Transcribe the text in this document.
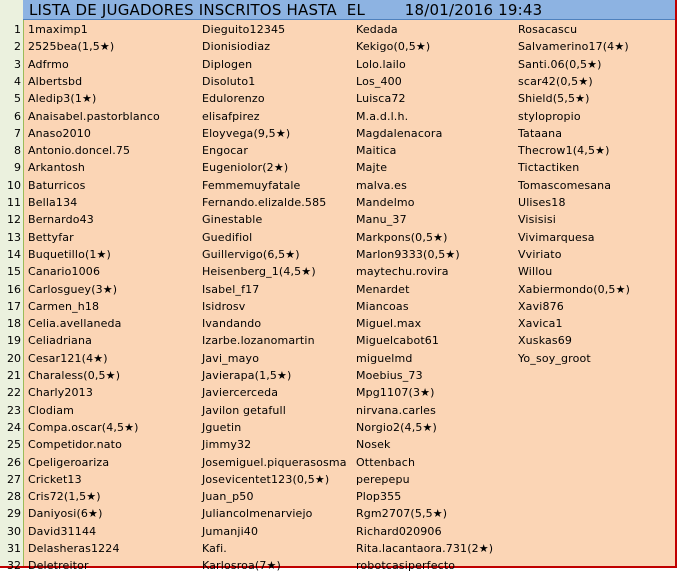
LISTA DE JUGADORES INSCRITOS HASTA  EL	18/01/2016 19:43
1 1maximp1	Dieguito12345	Kedada	Rosacascu
2 2525bea(1,5★)	Dionisiodiaz	Kekigo(0,5★)	Salvamerino17(4★)
3 Adfrmo	Diplogen	Lolo.lailo	Santi.06(0,5★)
4 Albertsbd	Disoluto1	Los_400	scar42(0,5★)
5 Aledip3(1★)	Edulorenzo	Luisca72	Shield(5,5★)
6 Anaisabel.pastorblanco	elisafpirez	M.a.d.l.h.	stylopropio
7 Anaso2010	Eloyvega(9,5★)	Magdalenacora	Tataana
8 Antonio.doncel.75	Engocar	Maitica	Thecrow1(4,5★)
9 Arkantosh	Eugeniolor(2★)	Majte	Tictactiken
10 Baturricos	Femmemuyfatale	malva.es	Tomascomesana
11 Bella134	Fernando.elizalde.585	Mandelmo	Ulises18
12 Bernardo43	Ginestable	Manu_37	Visisisi
13 Bettyfar	Guedifiol	Markpons(0,5★)	Vivimarquesa
14 Buquetillo(1★)	Guillervigo(6,5★)	Marlon9333(0,5★)	Vviriato
15 Canario1006	Heisenberg_1(4,5★)	maytechu.rovira	Willou
16 Carlosguey(3★)	Isabel_f17	Menardet	Xabiermondo(0,5★)
17 Carmen_h18	Isidrosv	Miancoas	Xavi876
18 Celia.avellaneda	Ivandando	Miguel.max	Xavica1
19 Celiadriana	Izarbe.lozanomartin	Miguelcabot61	Xuskas69
20 Cesar121(4★)	Javi_mayo	miguelmd	Yo_soy_groot
21 Charaless(0,5★)	Javierapa(1,5★)	Moebius_73
22 Charly2013	Javiercerceda	Mpg1107(3★)
23 Clodiam	Javilon getafull	nirvana.carles
24 Compa.oscar(4,5★)	Jguetin	Norgio2(4,5★)
25 Competidor.nato	Jimmy32	Nosek
26 Cpeligeroariza	Josemiguel.piquerasosma Ottenbach
27 Cricket13	Josevicentet123(0,5★) perepepu
28 Cris72(1,5★)	Juan_p50	Plop355
29 Daniyosi(6★)	Juliancolmenarviejo	Rgm2707(5,5★)
30 David31144	Jumanji40	Richard020906
31 Delasheras1224	Kafi.	Rita.lacantaora.731(2★)
32 Deletreitor	Karlosroa(7★)	robotcasiperfecto
